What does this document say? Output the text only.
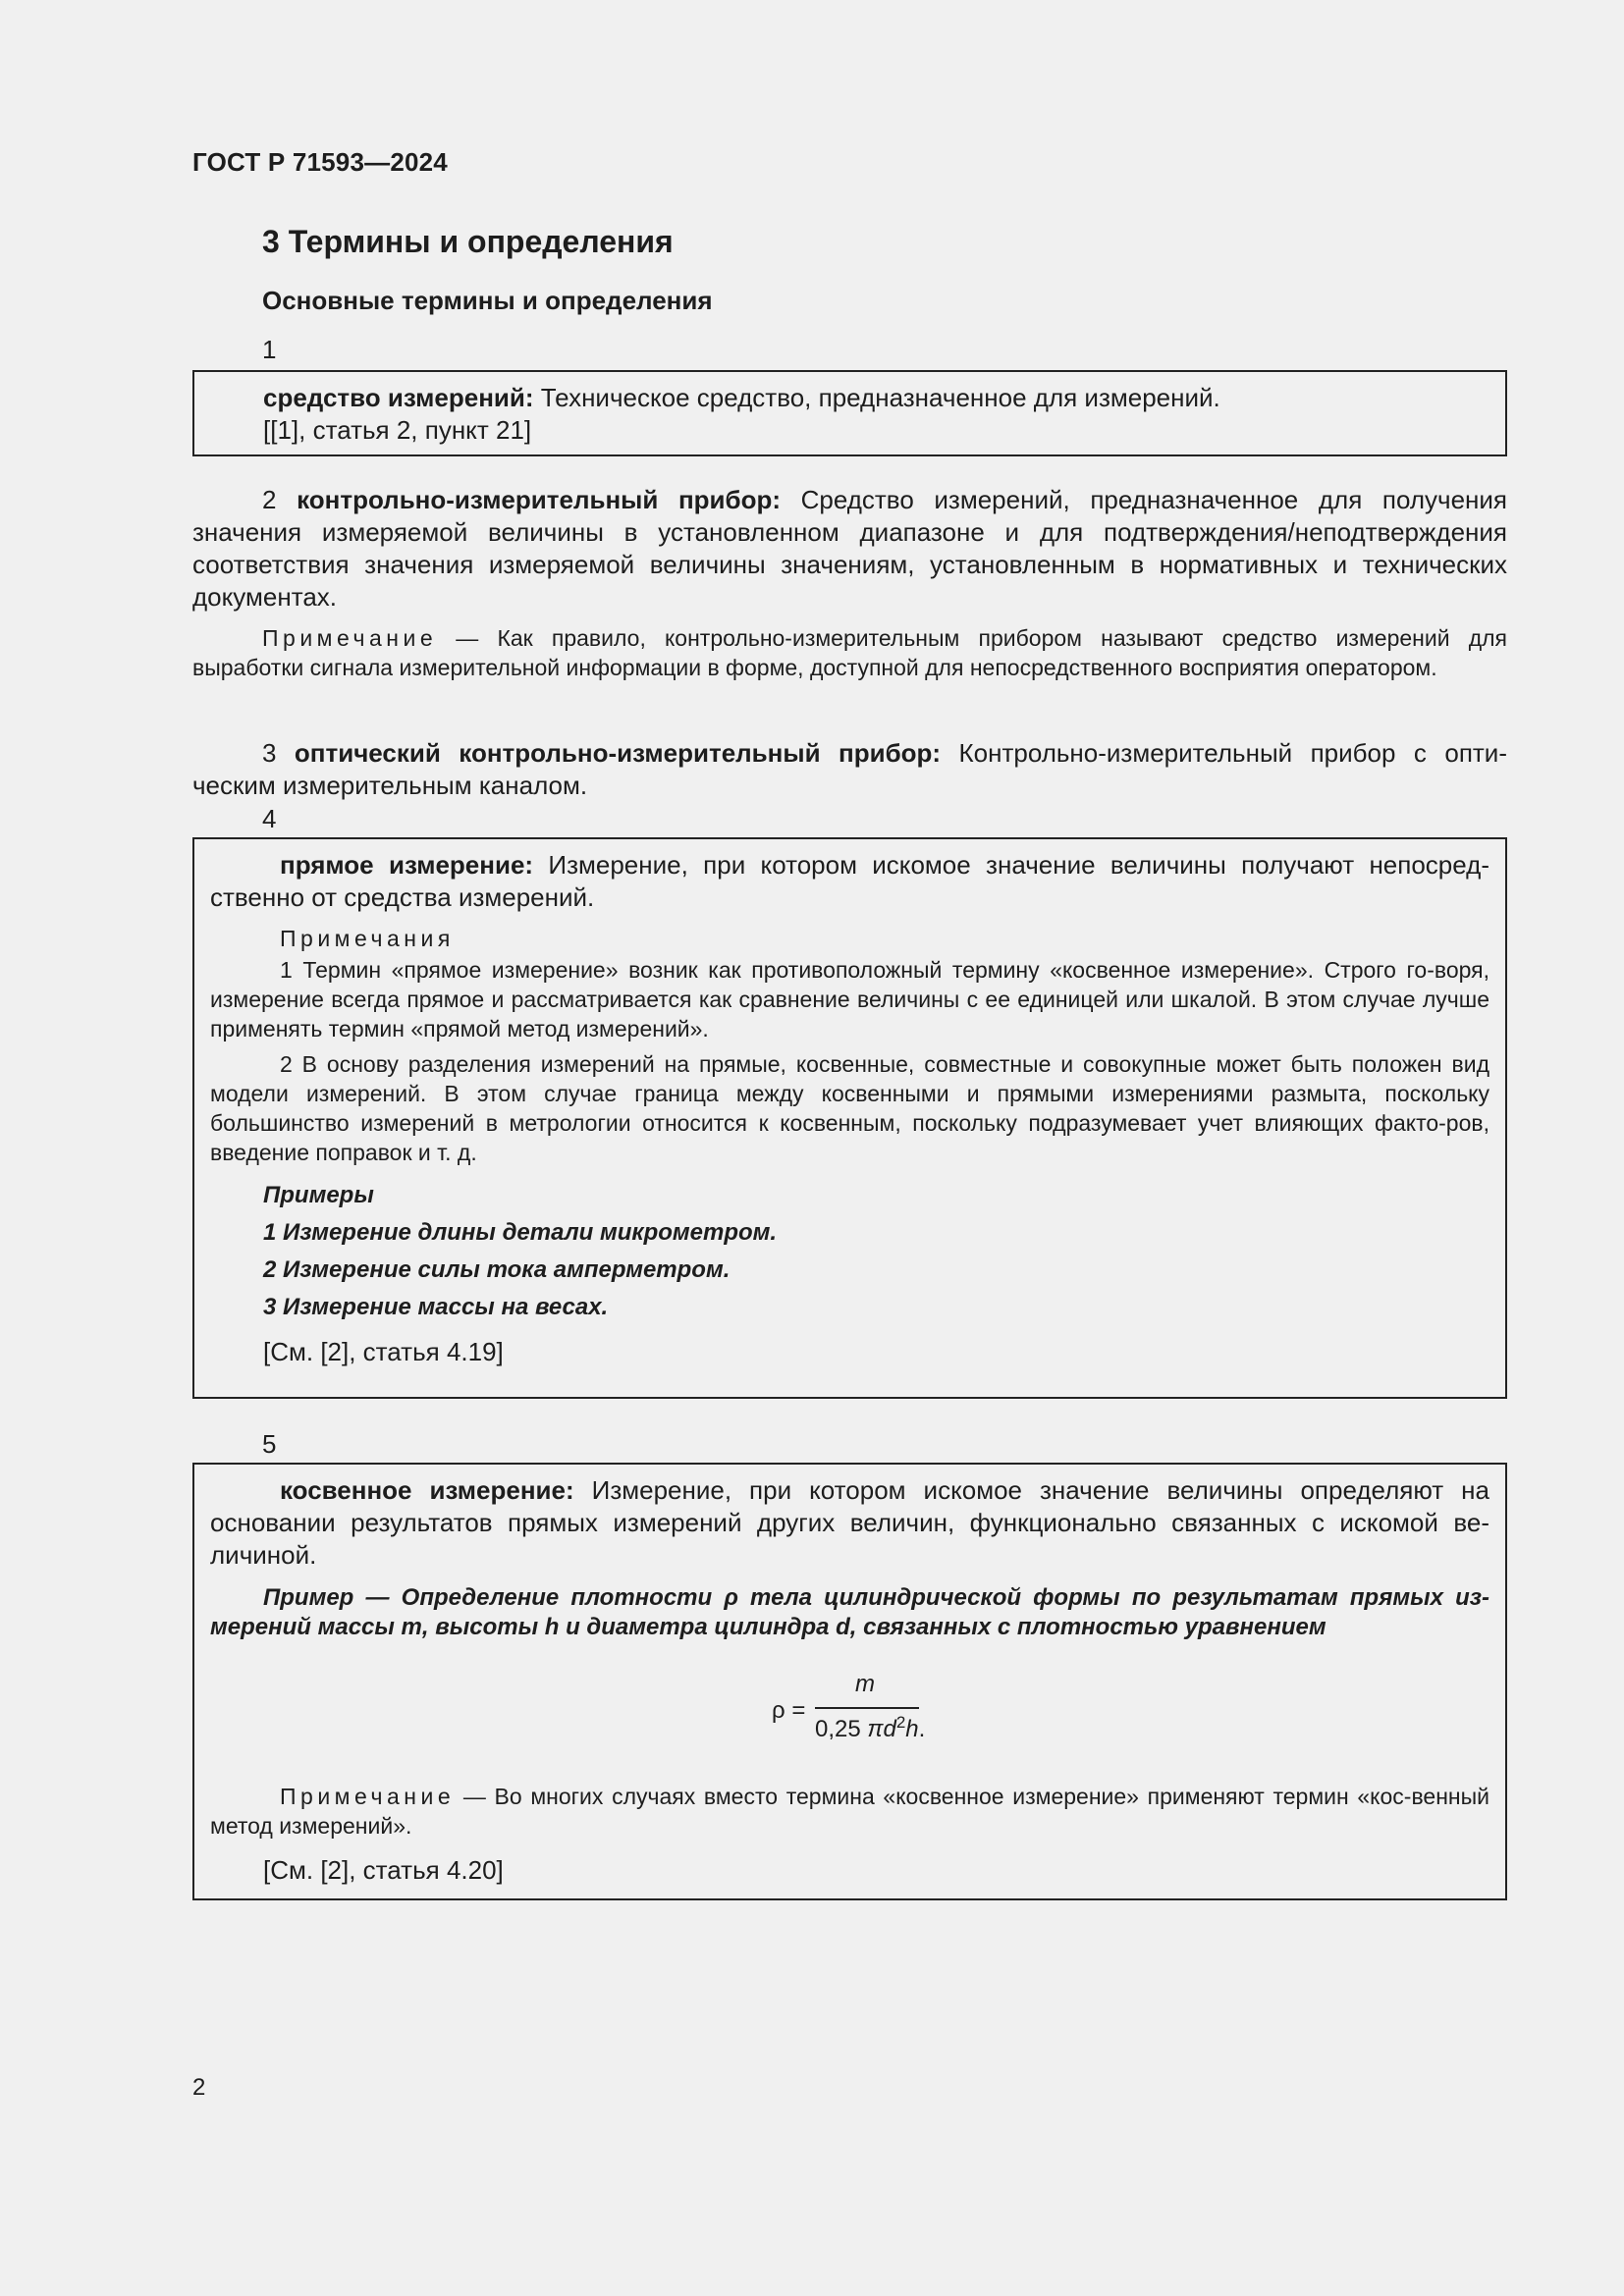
ГОСТ Р 71593—2024
3 Термины и определения
Основные термины и определения
1

средство измерений: Техническое средство, предназначенное для измерений.

[[1], статья 2, пункт 21]

2 контрольно-измерительный прибор: Средство измерений, предназначенное для получения значения измеряемой величины в установленном диапазоне и для подтверждения/неподтверждения соответствия значения измеряемой величины значениям, установленным в нормативных и технических документах.

Примечание — Как правило, контрольно-измерительным прибором называют средство измерений для выработки сигнала измерительной информации в форме, доступной для непосредственного восприятия оператором.

3 оптический контрольно-измерительный прибор: Контрольно-измерительный прибор с опти-ческим измерительным каналом.

4

прямое измерение: Измерение, при котором искомое значение величины получают непосред-ственно от средства измерений.

Примечания

1 Термин «прямое измерение» возник как противоположный термину «косвенное измерение». Строго го-воря, измерение всегда прямое и рассматривается как сравнение величины с ее единицей или шкалой. В этом случае лучше применять термин «прямой метод измерений».

2 В основу разделения измерений на прямые, косвенные, совместные и совокупные может быть положен вид модели измерений. В этом случае граница между косвенными и прямыми измерениями размыта, поскольку большинство измерений в метрологии относится к косвенным, поскольку подразумевает учет влияющих факто-ров, введение поправок и т. д.

Примеры

1 Измерение длины детали микрометром.

2 Измерение силы тока амперметром.

3 Измерение массы на весах.

[См. [2], статья 4.19]

5

косвенное измерение: Измерение, при котором искомое значение величины определяют на основании результатов прямых измерений других величин, функционально связанных с искомой ве-личиной.

Пример — Определение плотности ρ тела цилиндрической формы по результатам прямых из-мерений массы m, высоты h и диаметра цилиндра d, связанных с плотностью уравнением

ρ =
m
0,25 $\pi d^2h$.

Примечание — Во многих случаях вместо термина «косвенное измерение» применяют термин «кос-венный метод измерений».

[См. [2], статья 4.20]

2
